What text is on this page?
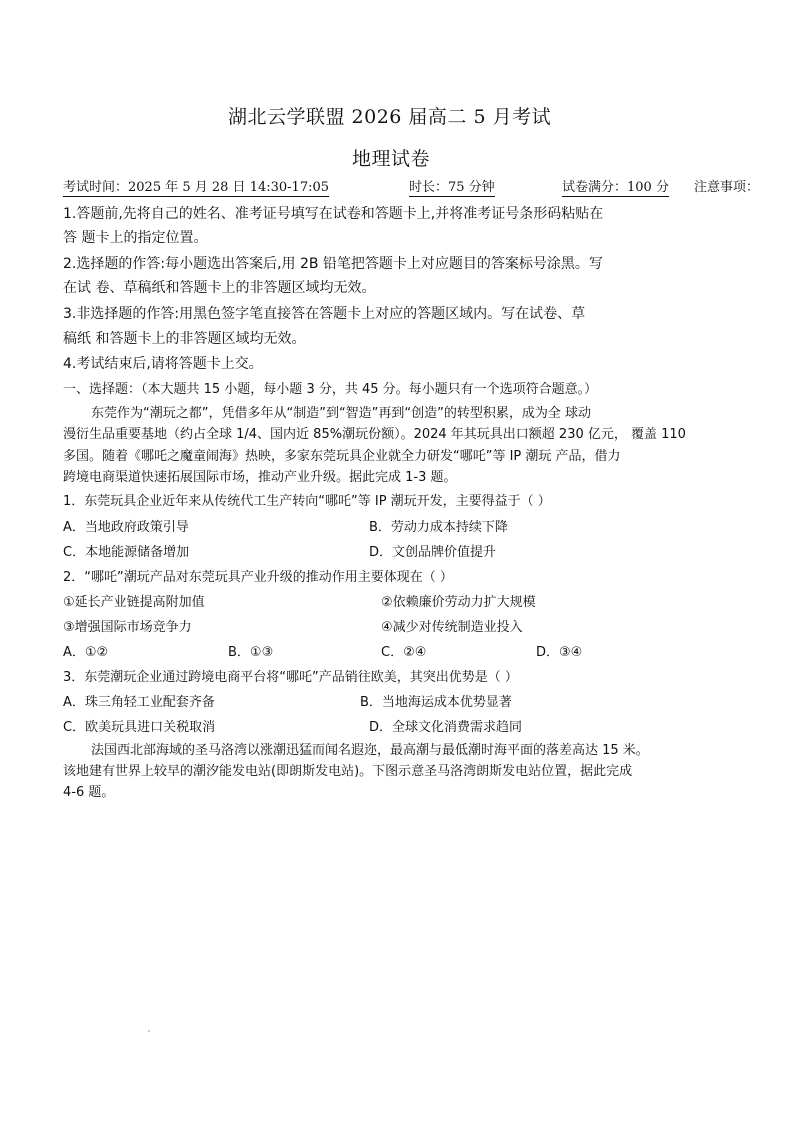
湖北云学联盟 2026 届高二 5 月考试
地理试卷
考试时间：2025 年 5 月 28 日 14:30-17:05	时长：75 分钟	试卷满分：100 分 注意事项：
1.答题前,先将自己的姓名、准考证号填写在试卷和答题卡上,并将准考证号条形码粘贴在
答 题卡上的指定位置。
2.选择题的作答:每小题选出答案后,用 2B 铅笔把答题卡上对应题目的答案标号涂黑。写
在试 卷、草稿纸和答题卡上的非答题区域均无效。
3.非选择题的作答:用黑色签字笔直接答在答题卡上对应的答题区域内。写在试卷、草
稿纸 和答题卡上的非答题区域均无效。
4.考试结束后,请将答题卡上交。
一、选择题：（本大题共 15 小题，每小题 3 分，共 45 分。每小题只有一个选项符合题意。）
东莞作为“潮玩之都”，凭借多年从“制造”到“智造”再到“创造”的转型积累，成为全 球动
漫衍生品重要基地（约占全球 1/4、国内近 85%潮玩份额）。2024 年其玩具出口额超 230 亿元， 覆盖 110
多国。随着《哪吒之魔童闹海》热映，多家东莞玩具企业就全力研发“哪吒”等 IP 潮玩 产品，借力
跨境电商渠道快速拓展国际市场，推动产业升级。据此完成 1-3 题。
1．东莞玩具企业近年来从传统代工生产转向“哪吒”等 IP 潮玩开发，主要得益于（ ）
A．当地政府政策引导	B．劳动力成本持续下降
C．本地能源储备增加	D．文创品牌价值提升
2．“哪吒”潮玩产品对东莞玩具产业升级的推动作用主要体现在（ ）
①延长产业链提高附加值	②依赖廉价劳动力扩大规模
③增强国际市场竞争力	④减少对传统制造业投入
A．①②	B．①③	C．②④	D．③④
3．东莞潮玩企业通过跨境电商平台将“哪吒”产品销往欧美，其突出优势是（ ）
A．珠三角轻工业配套齐备	B．当地海运成本优势显著
C．欧美玩具进口关税取消	D．全球文化消费需求趋同
法国西北部海域的圣马洛湾以涨潮迅猛而闻名遐迩，最高潮与最低潮时海平面的落差高达 15 米。
该地建有世界上较早的潮汐能发电站(即朗斯发电站)。下图示意圣马洛湾朗斯发电站位置，据此完成
4-6 题。
